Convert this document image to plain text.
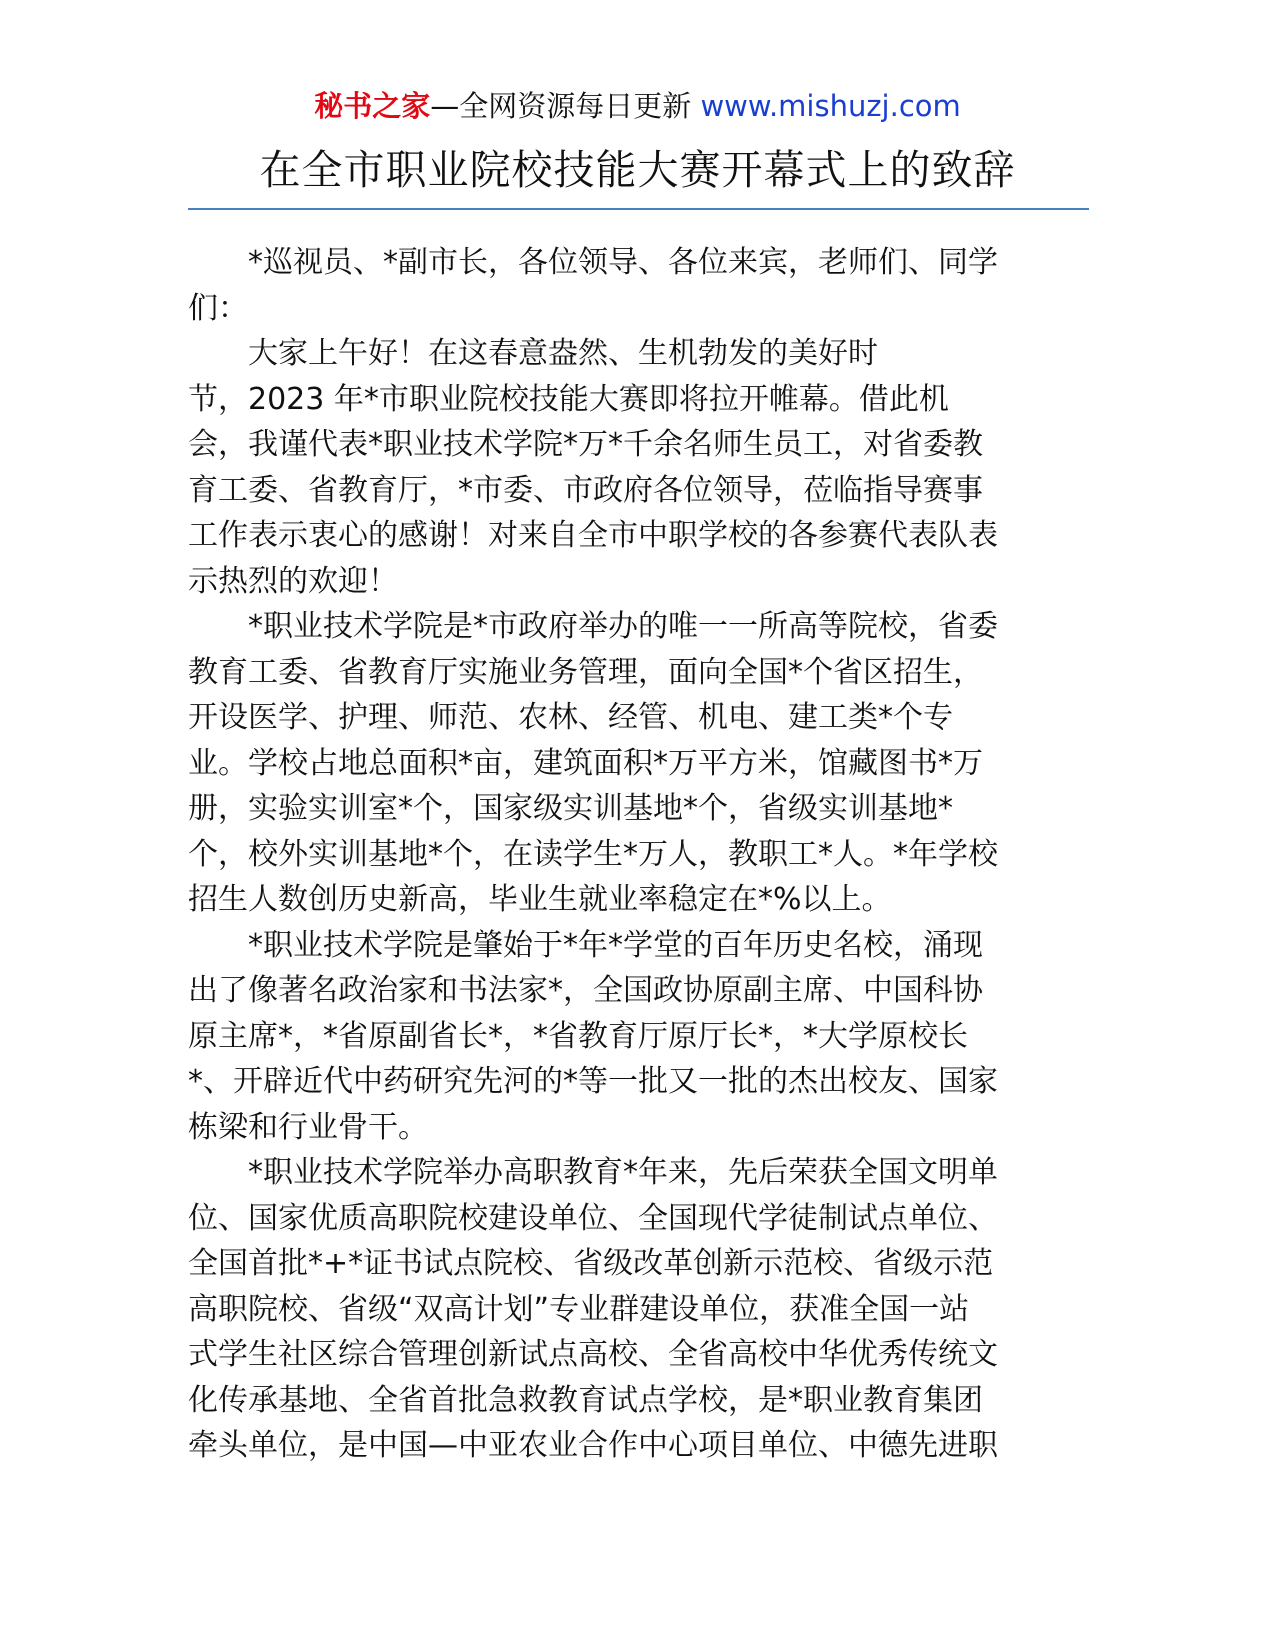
秘书之家—全网资源每日更新 www.mishuzj.com
在全市职业院校技能大赛开幕式上的致辞
*巡视员、*副市长，各位领导、各位来宾，老师们、同学
们：
大家上午好！在这春意盎然、生机勃发的美好时
节，2023 年*市职业院校技能大赛即将拉开帷幕。借此机
会，我谨代表*职业技术学院*万*千余名师生员工，对省委教
育工委、省教育厅，*市委、市政府各位领导，莅临指导赛事
工作表示衷心的感谢！对来自全市中职学校的各参赛代表队表
示热烈的欢迎！
*职业技术学院是*市政府举办的唯一一所高等院校，省委
教育工委、省教育厅实施业务管理，面向全国*个省区招生，
开设医学、护理、师范、农林、经管、机电、建工类*个专
业。学校占地总面积*亩，建筑面积*万平方米，馆藏图书*万
册，实验实训室*个，国家级实训基地*个，省级实训基地*
个，校外实训基地*个，在读学生*万人，教职工*人。*年学校
招生人数创历史新高，毕业生就业率稳定在*%以上。
*职业技术学院是肇始于*年*学堂的百年历史名校，涌现
出了像著名政治家和书法家*，全国政协原副主席、中国科协
原主席*，*省原副省长*，*省教育厅原厅长*，*大学原校长
*、开辟近代中药研究先河的*等一批又一批的杰出校友、国家
栋梁和行业骨干。
*职业技术学院举办高职教育*年来，先后荣获全国文明单
位、国家优质高职院校建设单位、全国现代学徒制试点单位、
全国首批*+*证书试点院校、省级改革创新示范校、省级示范
高职院校、省级“双高计划”专业群建设单位，获准全国一站
式学生社区综合管理创新试点高校、全省高校中华优秀传统文
化传承基地、全省首批急救教育试点学校，是*职业教育集团
牵头单位，是中国—中亚农业合作中心项目单位、中德先进职
